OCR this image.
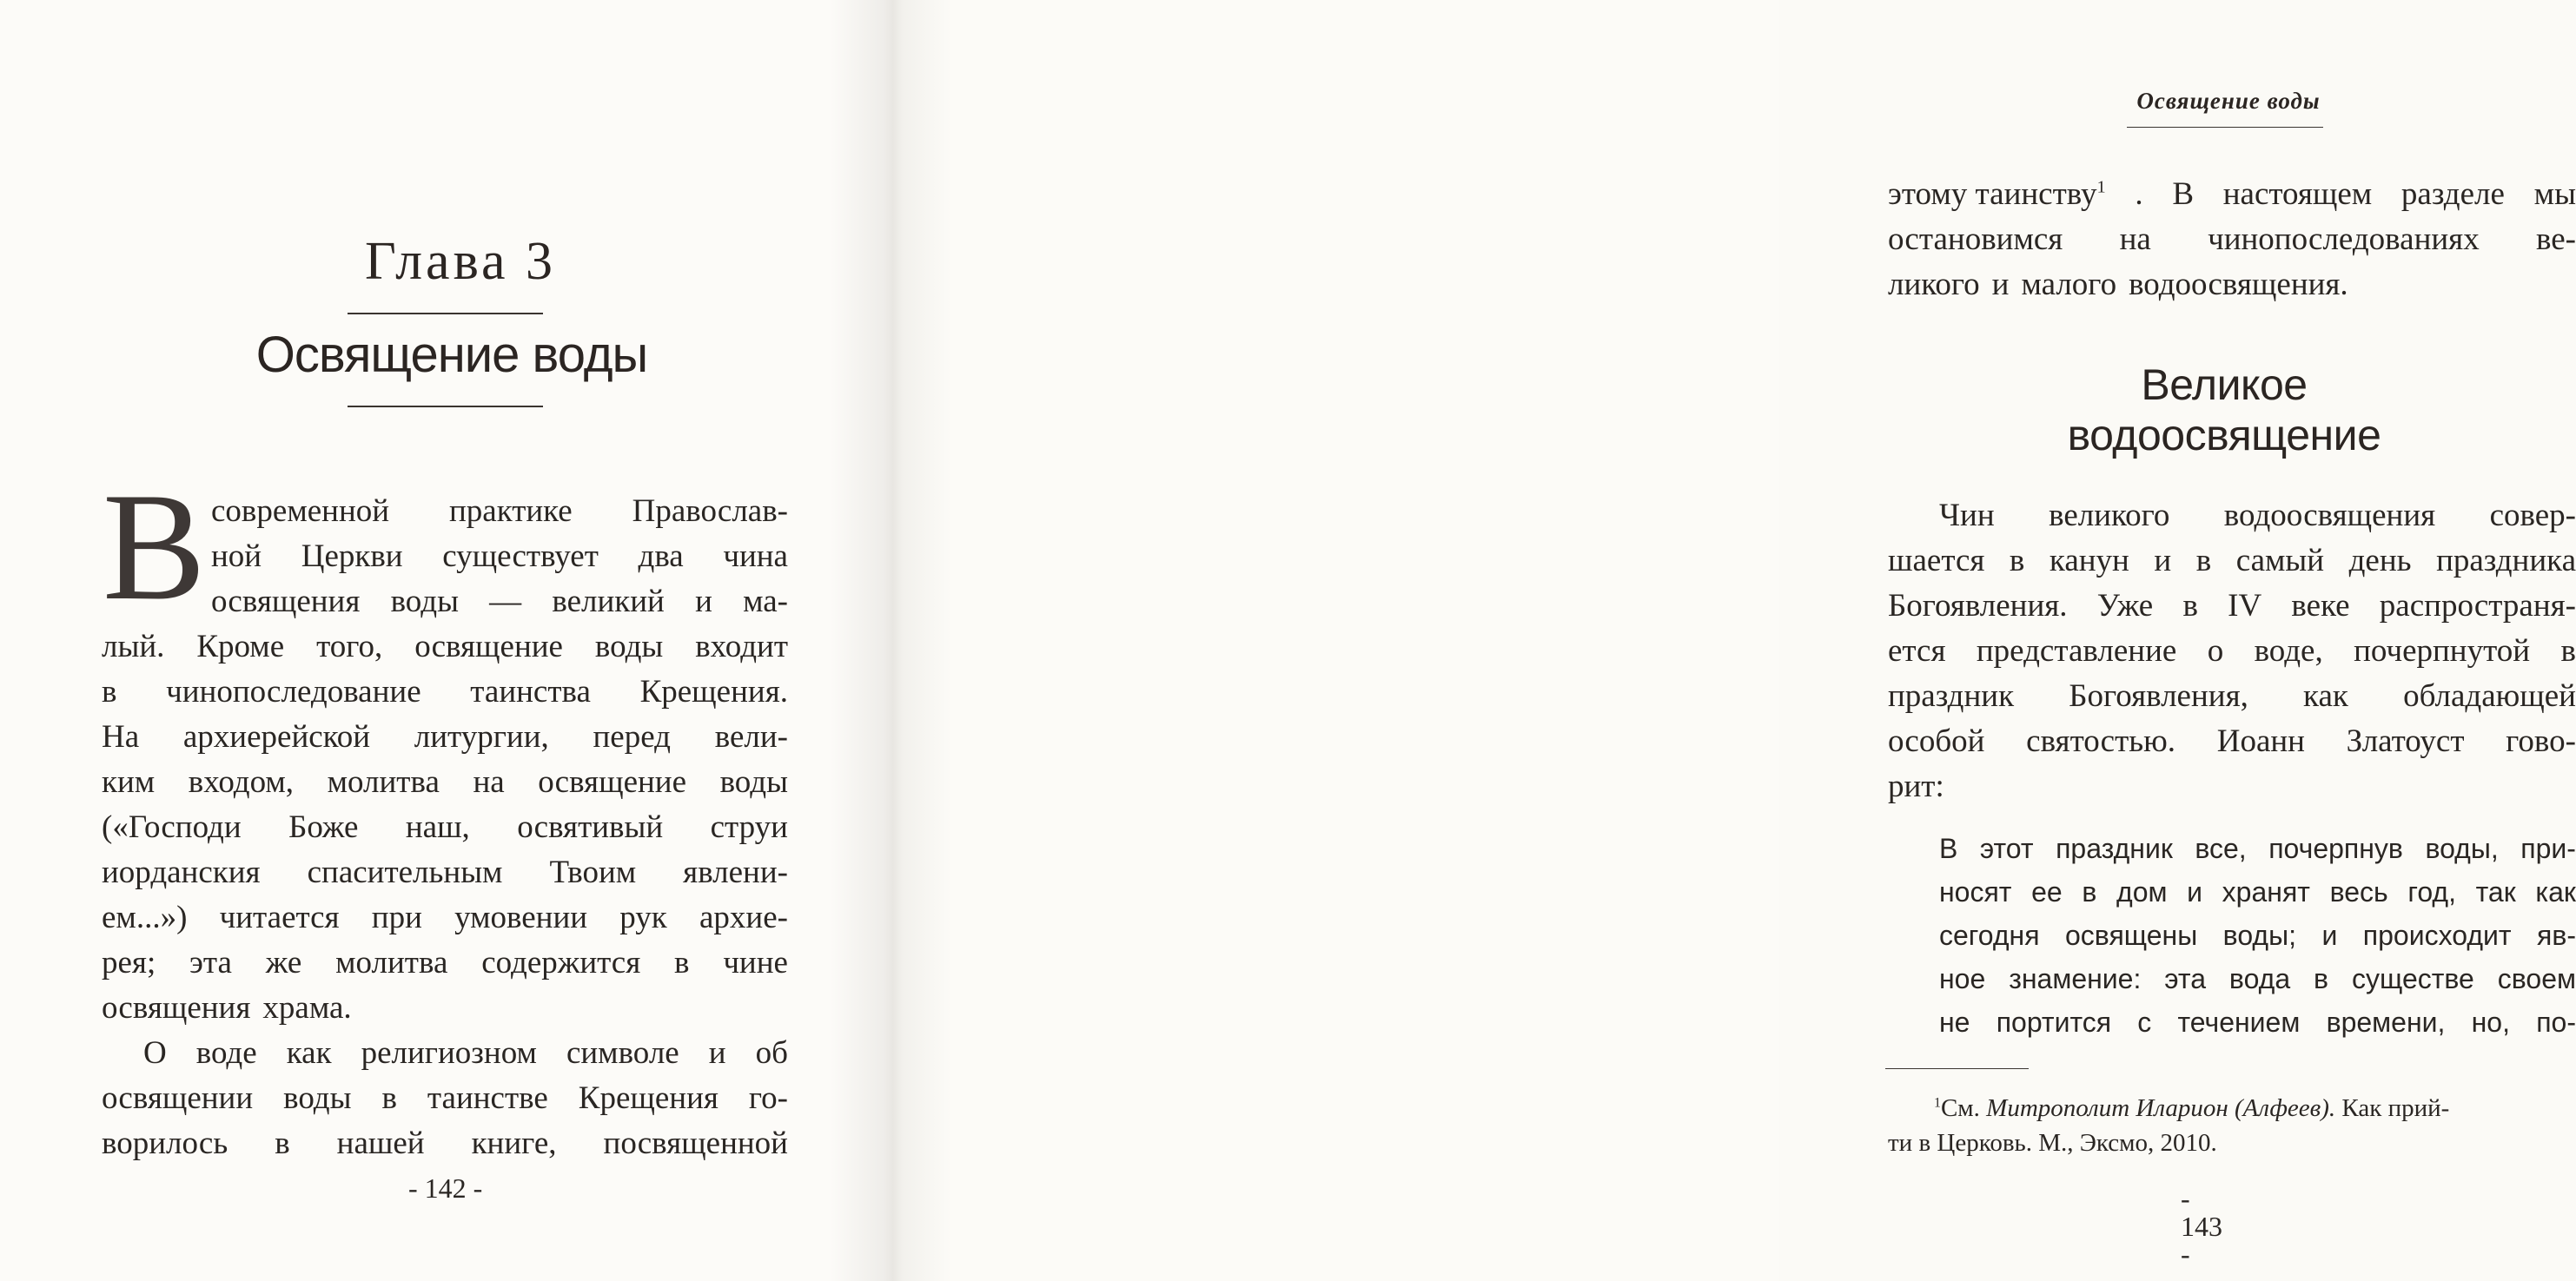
Глава 3
Освящение воды
В современной практике Православ-
ной Церкви существует два чина
освящения воды — великий и ма-
лый. Кроме того, освящение воды входит
в чинопоследование таинства Крещения.
На архиерейской литургии, перед вели-
ким входом, молитва на освящение воды
(«Господи Боже наш, освятивый струи
иорданския спасительным Твоим явлени-
ем...») читается при умовении рук архие-
рея; эта же молитва содержится в чине
освящения храма.
О воде как религиозном символе и об
освящении воды в таинстве Крещения го-
ворилось в нашей книге, посвященной
- 142 -
Освящение воды
этому таинству$^1$ . В настоящем разделе мы
остановимся на чинопоследованиях ве-
ликого и малого водоосвящения.
Великое
водоосвящение
Чин великого водоосвящения совер-
шается в канун и в самый день праздника
Богоявления. Уже в IV веке распространя-
ется представление о воде, почерпнутой в
праздник Богоявления, как обладающей
особой святостью. Иоанн Златоуст гово-
рит:
В этот праздник все, почерпнув воды, при-
носят ее в дом и хранят весь год, так как
сегодня освящены воды; и происходит яв-
ное знамение: эта вода в существе своем
не портится с течением времени, но, по-
$^1$См. Митрополит Иларион (Алфеев). Как прий-
ти в Церковь. М., Эксмо, 2010.
- 143 -
